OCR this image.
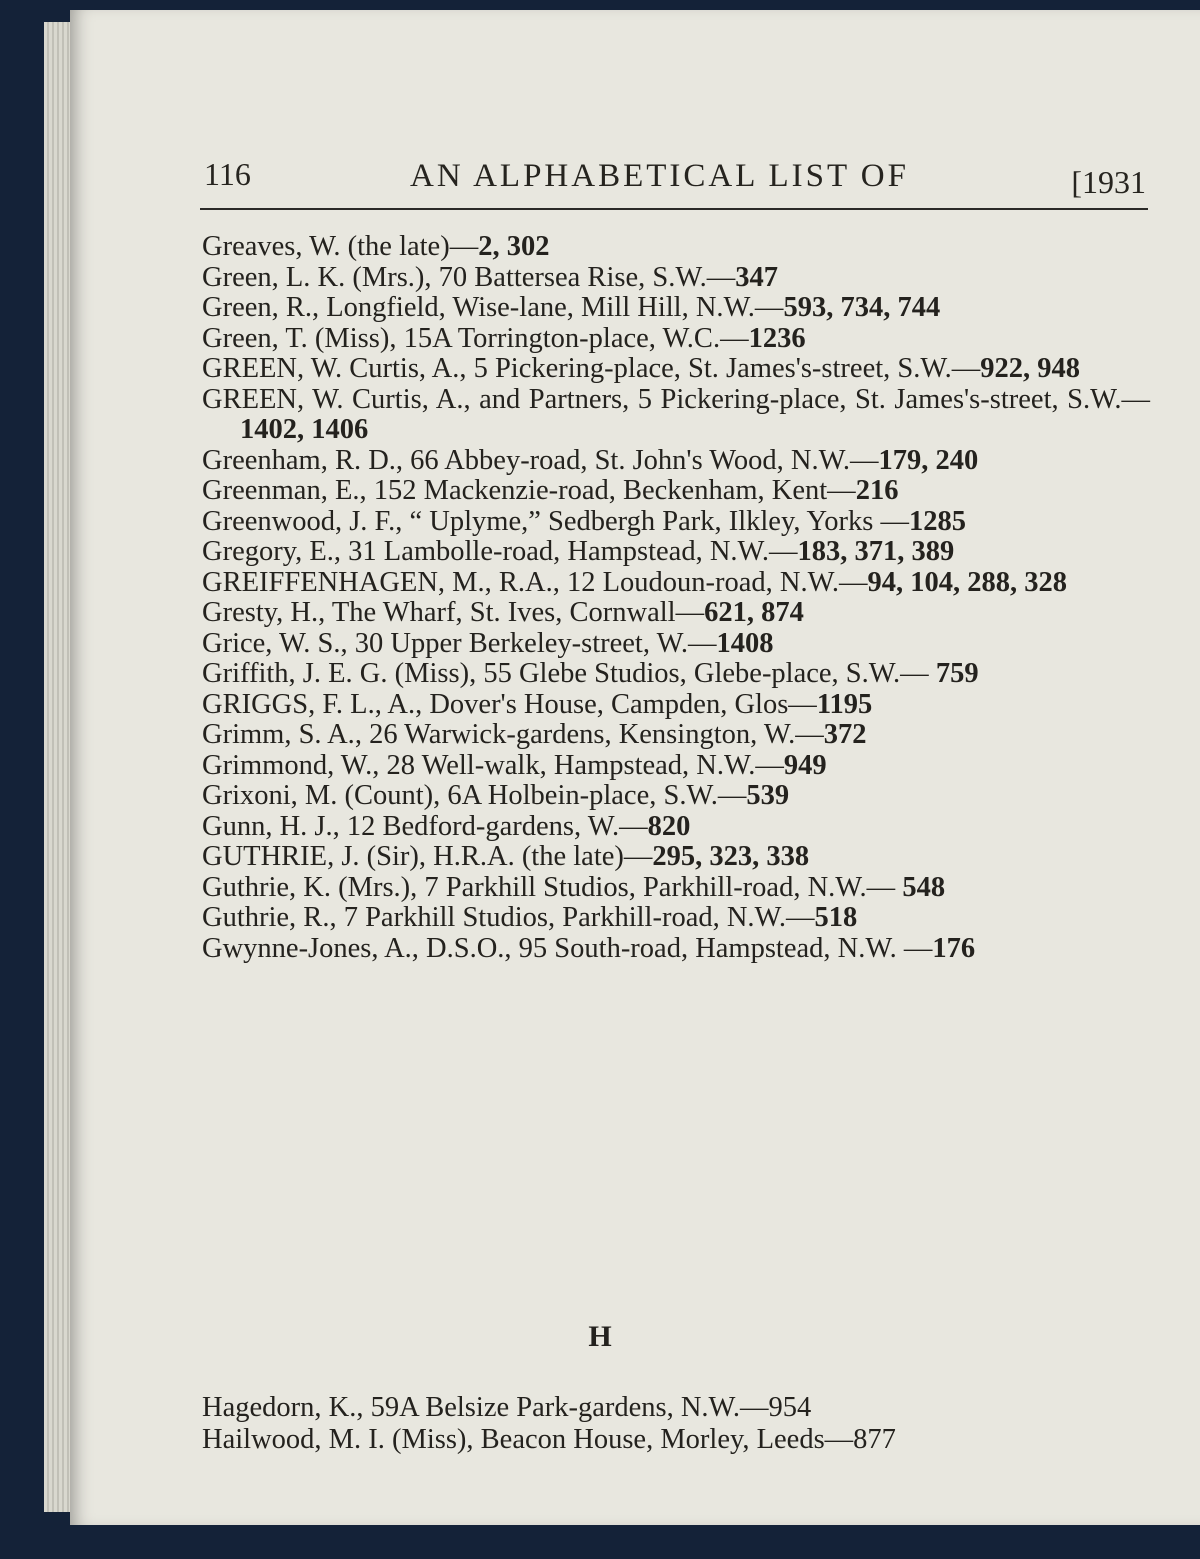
116	AN ALPHABETICAL LIST OF	[1931
Greaves, W. (the late)—2, 302
Green, L. K. (Mrs.), 70 Battersea Rise, S.W.—347
Green, R., Longfield, Wise-lane, Mill Hill, N.W.—593, 734, 744
Green, T. (Miss), 15A Torrington-place, W.C.—1236
GREEN, W. Curtis, A., 5 Pickering-place, St. James's-street, S.W.—922, 948
GREEN, W. Curtis, A., and Partners, 5 Pickering-place, St. James's-street, S.W.—1402, 1406
Greenham, R. D., 66 Abbey-road, St. John's Wood, N.W.—179, 240
Greenman, E., 152 Mackenzie-road, Beckenham, Kent—216
Greenwood, J. F., “ Uplyme,” Sedbergh Park, Ilkley, Yorks —1285
Gregory, E., 31 Lambolle-road, Hampstead, N.W.—183, 371, 389
GREIFFENHAGEN, M., R.A., 12 Loudoun-road, N.W.—94, 104, 288, 328
Gresty, H., The Wharf, St. Ives, Cornwall—621, 874
Grice, W. S., 30 Upper Berkeley-street, W.—1408
Griffith, J. E. G. (Miss), 55 Glebe Studios, Glebe-place, S.W.— 759
GRIGGS, F. L., A., Dover's House, Campden, Glos—1195
Grimm, S. A., 26 Warwick-gardens, Kensington, W.—372
Grimmond, W., 28 Well-walk, Hampstead, N.W.—949
Grixoni, M. (Count), 6A Holbein-place, S.W.—539
Gunn, H. J., 12 Bedford-gardens, W.—820
GUTHRIE, J. (Sir), H.R.A. (the late)—295, 323, 338
Guthrie, K. (Mrs.), 7 Parkhill Studios, Parkhill-road, N.W.— 548
Guthrie, R., 7 Parkhill Studios, Parkhill-road, N.W.—518
Gwynne-Jones, A., D.S.O., 95 South-road, Hampstead, N.W. —176
H
Hagedorn, K., 59A Belsize Park-gardens, N.W.—954
Hailwood, M. I. (Miss), Beacon House, Morley, Leeds—877
